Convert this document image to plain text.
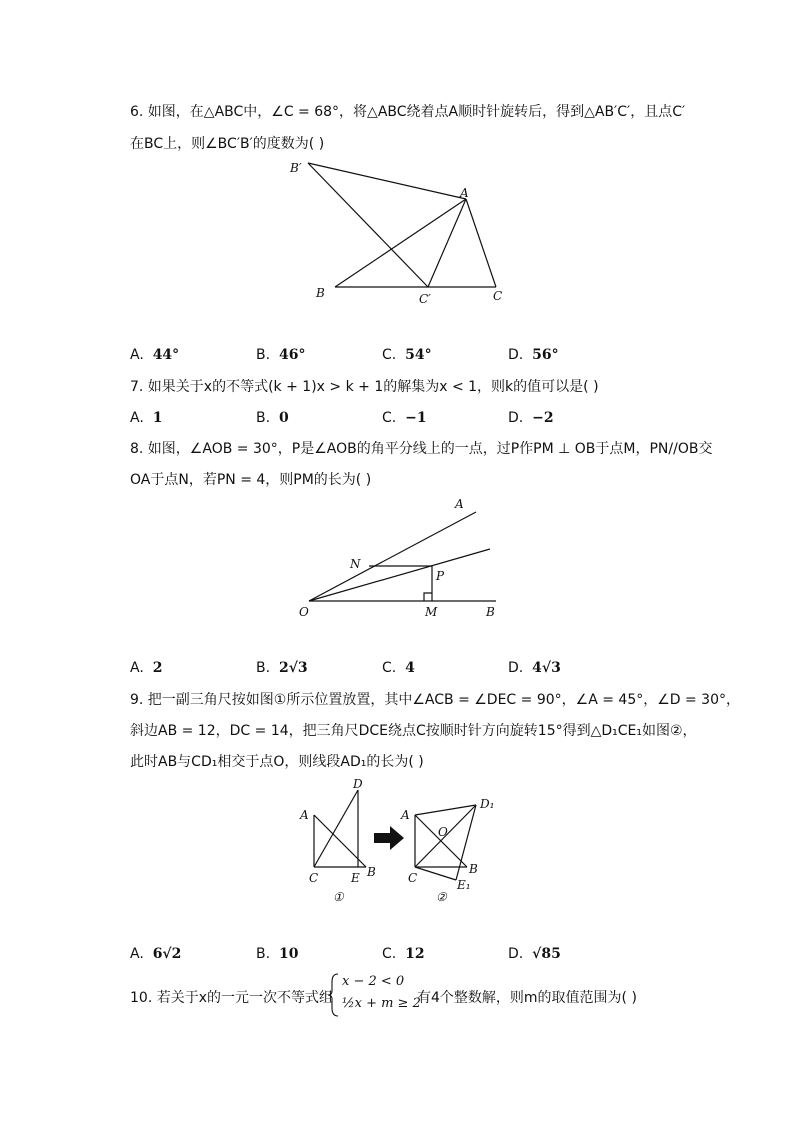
6. 如图，在△ABC中，∠C = 68°，将△ABC绕着点A顺时针旋转后，得到△AB′C′，且点C′
在BC上，则∠BC′B′的度数为( )
B′
A
B	C′	C
A. 44°	B. 46°	C. 54°	D. 56°
7. 如果关于x的不等式(k + 1)x > k + 1的解集为x < 1，则k的值可以是( )
A. 1	B. 0	C. −1	D. −2
8. 如图，∠AOB = 30°，P是∠AOB的角平分线上的一点，过P作PM ⊥ OB于点M，PN//OB交
OA于点N，若PN = 4，则PM的长为( )
A
N
P
O	M	B
A. 2	B. 2√3	C. 4	D. 4√3
9. 把一副三角尺按如图①所示位置放置，其中∠ACB = ∠DEC = 90°，∠A = 45°，∠D = 30°，
斜边AB = 12，DC = 14，把三角尺DCE绕点C按顺时针方向旋转15°得到△D₁CE₁如图②，
此时AB与CD₁相交于点O，则线段AD₁的长为( )
A
D
C	E B
①
A
D₁
O
C
B
E₁
②
A. 6√2	B. 10	C. 12	D. √85
10. 若关于x的一元一次不等式组
x − 2 < 0
½x + m ≥ 2
有4个整数解，则m的取值范围为( )
